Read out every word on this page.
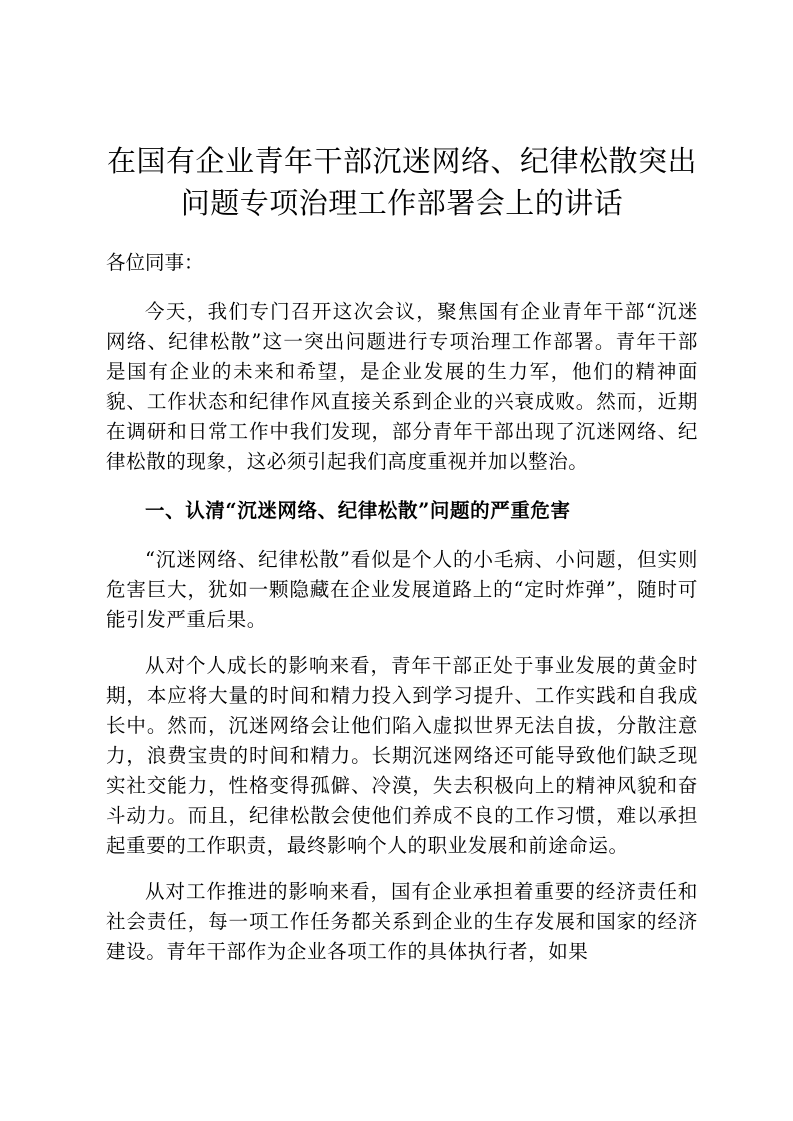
在国有企业青年干部沉迷网络、纪律松散突出
问题专项治理工作部署会上的讲话

各位同事：

今天，我们专门召开这次会议，聚焦国有企业青年干部“沉迷网络、纪律松散”这一突出问题进行专项治理工作部署。青年干部是国有企业的未来和希望，是企业发展的生力军，他们的精神面貌、工作状态和纪律作风直接关系到企业的兴衰成败。然而，近期在调研和日常工作中我们发现，部分青年干部出现了沉迷网络、纪律松散的现象，这必须引起我们高度重视并加以整治。

一、认清“沉迷网络、纪律松散”问题的严重危害

“沉迷网络、纪律松散”看似是个人的小毛病、小问题，但实则危害巨大，犹如一颗隐藏在企业发展道路上的“定时炸弹”，随时可能引发严重后果。

从对个人成长的影响来看，青年干部正处于事业发展的黄金时期，本应将大量的时间和精力投入到学习提升、工作实践和自我成长中。然而，沉迷网络会让他们陷入虚拟世界无法自拔，分散注意力，浪费宝贵的时间和精力。长期沉迷网络还可能导致他们缺乏现实社交能力，性格变得孤僻、冷漠，失去积极向上的精神风貌和奋斗动力。而且，纪律松散会使他们养成不良的工作习惯，难以承担起重要的工作职责，最终影响个人的职业发展和前途命运。

从对工作推进的影响来看，国有企业承担着重要的经济责任和社会责任，每一项工作任务都关系到企业的生存发展和国家的经济建设。青年干部作为企业各项工作的具体执行者，如果
